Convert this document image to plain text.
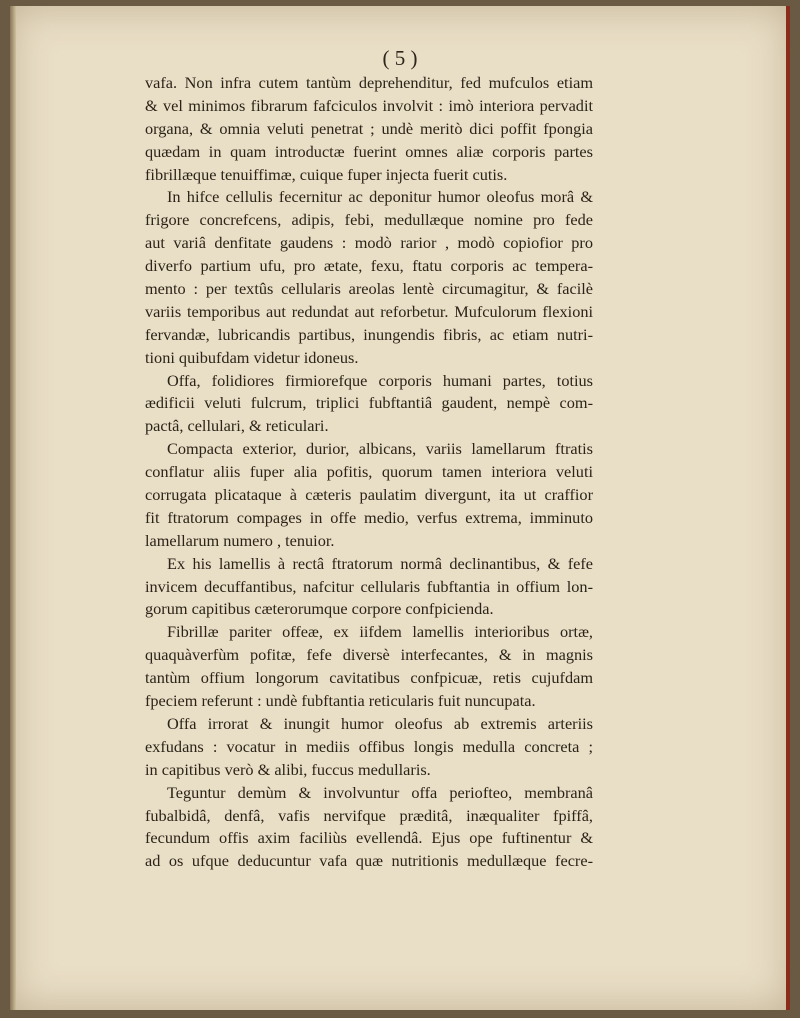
( 5 )
vafa. Non infra cutem tantùm deprehenditur, fed mufculos etiam
& vel minimos fibrarum fafciculos involvit : imò interiora pervadit
organa, & omnia veluti penetrat ; undè meritò dici poffit fpongia
quædam in quam introductæ fuerint omnes aliæ corporis partes
fibrillæque tenuiffimæ, cuique fuper injecta fuerit cutis.
In hifce cellulis fecernitur ac deponitur humor oleofus morâ &
frigore concrefcens, adipis, febi, medullæque nomine pro fede
aut variâ denfitate gaudens : modò rarior , modò copiofior pro
diverfo partium ufu, pro ætate, fexu, ftatu corporis ac tempera-
mento : per textûs cellularis areolas lentè circumagitur, & facilè
variis temporibus aut redundat aut reforbetur. Mufculorum flexioni
fervandæ, lubricandis partibus, inungendis fibris, ac etiam nutri-
tioni quibufdam videtur idoneus.
Offa, folidiores firmiorefque corporis humani partes, totius
ædificii veluti fulcrum, triplici fubftantiâ gaudent, nempè com-
pactâ, cellulari, & reticulari.
Compacta exterior, durior, albicans, variis lamellarum ftratis
conflatur aliis fuper alia pofitis, quorum tamen interiora veluti
corrugata plicataque à cæteris paulatim divergunt, ita ut craffior
fit ftratorum compages in offe medio, verfus extrema, imminuto
lamellarum numero , tenuior.
Ex his lamellis à rectâ ftratorum normâ declinantibus, & fefe
invicem decuffantibus, nafcitur cellularis fubftantia in offium lon-
gorum capitibus cæterorumque corpore confpicienda.
Fibrillæ pariter offeæ, ex iifdem lamellis interioribus ortæ,
quaquàverfùm pofitæ, fefe diversè interfecantes, & in magnis
tantùm offium longorum cavitatibus confpicuæ, retis cujufdam
fpeciem referunt : undè fubftantia reticularis fuit nuncupata.
Offa irrorat & inungit humor oleofus ab extremis arteriis
exfudans : vocatur in mediis offibus longis medulla concreta ;
in capitibus verò & alibi, fuccus medullaris.
Teguntur demùm & involvuntur offa periofteo, membranâ
fubalbidâ, denfâ, vafis nervifque præditâ, inæqualiter fpiffâ,
fecundum offis axim faciliùs evellendâ. Ejus ope fuftinentur &
ad os ufque deducuntur vafa quæ nutritionis medullæque fecre-
